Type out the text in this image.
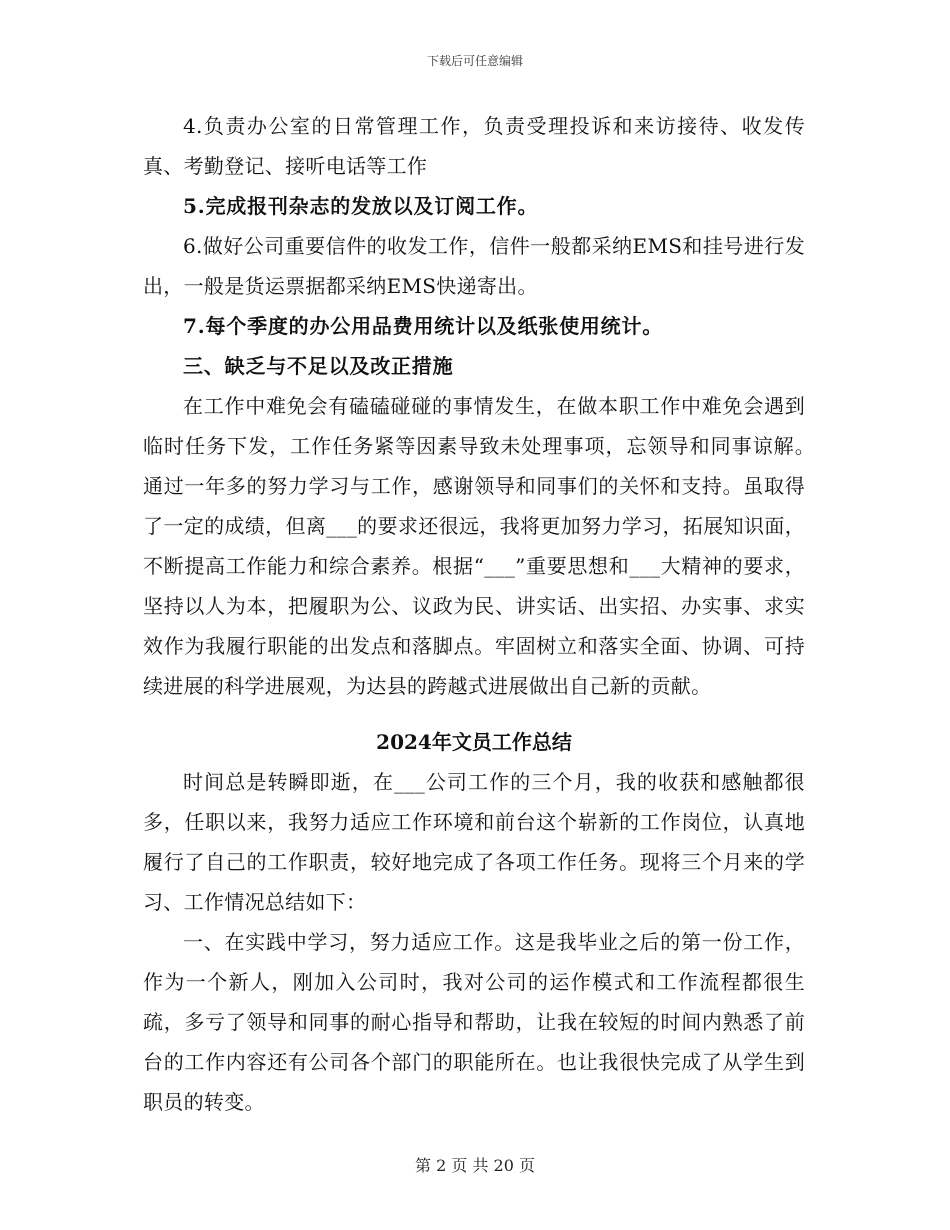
下载后可任意编辑

4.负责办公室的日常管理工作，负责受理投诉和来访接待、收发传真、考勤登记、接听电话等工作

5.完成报刊杂志的发放以及订阅工作。

6.做好公司重要信件的收发工作，信件一般都采纳EMS和挂号进行发出，一般是货运票据都采纳EMS快递寄出。

7.每个季度的办公用品费用统计以及纸张使用统计。

三、缺乏与不足以及改正措施

在工作中难免会有磕磕碰碰的事情发生，在做本职工作中难免会遇到临时任务下发，工作任务紧等因素导致未处理事项，忘领导和同事谅解。　通过一年多的努力学习与工作，感谢领导和同事们的关怀和支持。虽取得了一定的成绩，但离___的要求还很远，我将更加努力学习，拓展知识面，不断提高工作能力和综合素养。根据“___”重要思想和___大精神的要求，坚持以人为本，把履职为公、议政为民、讲实话、出实招、办实事、求实效作为我履行职能的出发点和落脚点。牢固树立和落实全面、协调、可持续进展的科学进展观，为达县的跨越式进展做出自己新的贡献。

2024年文员工作总结

时间总是转瞬即逝，在___公司工作的三个月，我的收获和感触都很多，任职以来，我努力适应工作环境和前台这个崭新的工作岗位，认真地履行了自己的工作职责，较好地完成了各项工作任务。现将三个月来的学习、工作情况总结如下：

一、在实践中学习，努力适应工作。这是我毕业之后的第一份工作，作为一个新人，刚加入公司时，我对公司的运作模式和工作流程都很生疏，多亏了领导和同事的耐心指导和帮助，让我在较短的时间内熟悉了前台的工作内容还有公司各个部门的职能所在。也让我很快完成了从学生到职员的转变。

第 2 页 共 20 页
